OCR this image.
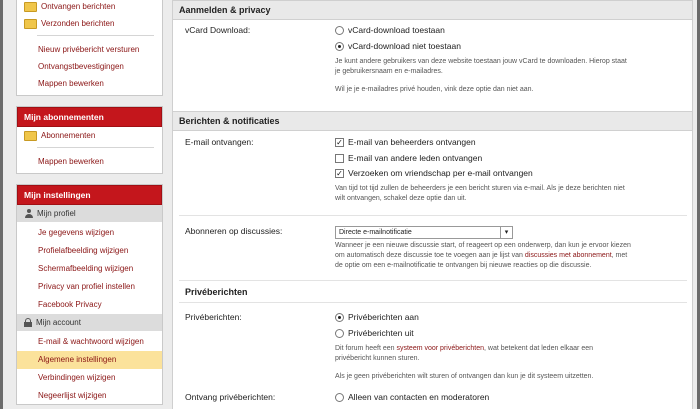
Ontvangen berichten
Verzonden berichten
Nieuw privébericht versturen
Ontvangstbevestigingen
Mappen bewerken
Mijn abonnementen
Abonnementen
Mappen bewerken
Mijn instellingen
Mijn profiel
Je gegevens wijzigen
Profielafbeelding wijzigen
Schermafbeelding wijzigen
Privacy van profiel instellen
Facebook Privacy
Mijn account
E-mail & wachtwoord wijzigen
Algemene instellingen
Verbindingen wijzigen
Negeerlijst wijzigen
Aanmelden & privacy
vCard Download:	vCard-download toestaan
vCard-download niet toestaan
Je kunt andere gebruikers van deze website toestaan jouw vCard te downloaden. Hierop staat
je gebruikersnaam en e-mailadres.
Wil je je e-mailadres privé houden, vink deze optie dan niet aan.
Berichten & notificaties
E-mail ontvangen:	✓ E-mail van beheerders ontvangen
E-mail van andere leden ontvangen
✓ Verzoeken om vriendschap per e-mail ontvangen
Van tijd tot tijd zullen de beheerders je een bericht sturen via e-mail. Als je deze berichten niet
wilt ontvangen, schakel deze optie dan uit.
Abonneren op discussies:	Directe e-mailnotificatie	▾
Wanneer je een nieuwe discussie start, of reageert op een onderwerp, dan kun je ervoor kiezen
om automatisch deze discussie toe te voegen aan je lijst van discussies met abonnement, met
de optie om een e-mailnotificatie te ontvangen bij nieuwe reacties op die discussie.
Privéberichten
Privéberichten:	Privéberichten aan
Privéberichten uit
Dit forum heeft een systeem voor privéberichten, wat betekent dat leden elkaar een
privébericht kunnen sturen.
Als je geen privéberichten wilt sturen of ontvangen dan kun je dit systeem uitzetten.
Ontvang privéberichten:	Alleen van contacten en moderatoren
